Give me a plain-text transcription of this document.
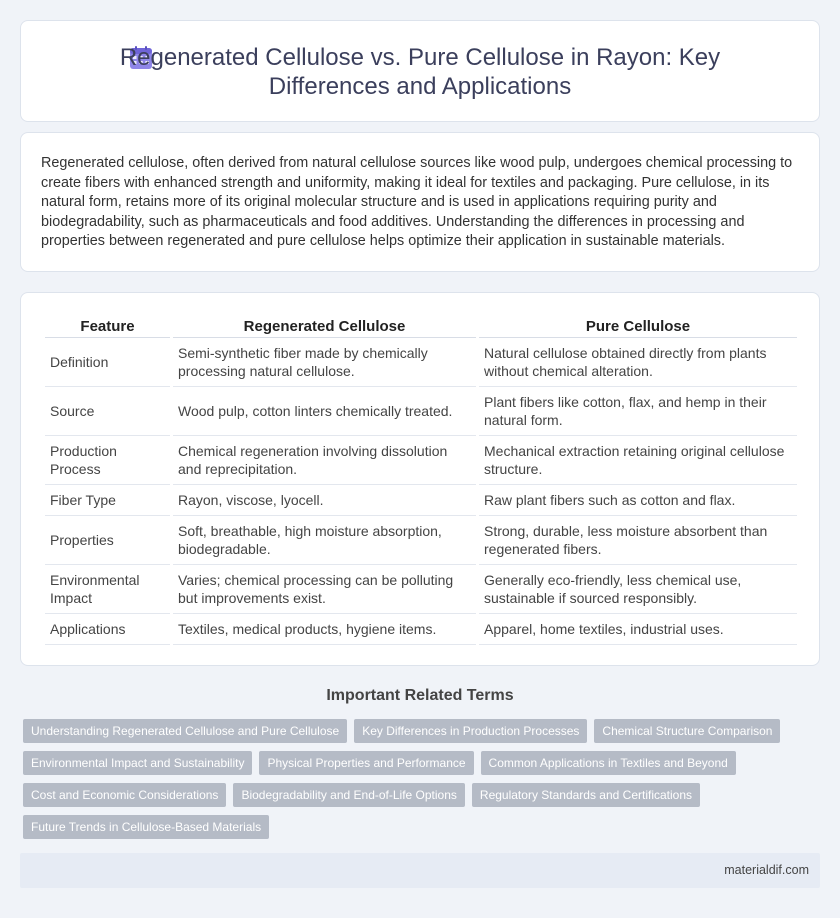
Regenerated Cellulose vs. Pure Cellulose in Rayon: Key Differences and Applications

Regenerated cellulose, often derived from natural cellulose sources like wood pulp, undergoes chemical processing to create fibers with enhanced strength and uniformity, making it ideal for textiles and packaging. Pure cellulose, in its natural form, retains more of its original molecular structure and is used in applications requiring purity and biodegradability, such as pharmaceuticals and food additives. Understanding the differences in processing and properties between regenerated and pure cellulose helps optimize their application in sustainable materials.

Feature	Regenerated Cellulose	Pure Cellulose
Definition	Semi-synthetic fiber made by chemically processing natural cellulose.	Natural cellulose obtained directly from plants without chemical alteration.
Source	Wood pulp, cotton linters chemically treated.	Plant fibers like cotton, flax, and hemp in their natural form.
Production Process	Chemical regeneration involving dissolution and reprecipitation.	Mechanical extraction retaining original cellulose structure.
Fiber Type	Rayon, viscose, lyocell.	Raw plant fibers such as cotton and flax.
Properties	Soft, breathable, high moisture absorption, biodegradable.	Strong, durable, less moisture absorbent than regenerated fibers.
Environmental Impact	Varies; chemical processing can be polluting but improvements exist.	Generally eco-friendly, less chemical use, sustainable if sourced responsibly.
Applications	Textiles, medical products, hygiene items.	Apparel, home textiles, industrial uses.
Important Related Terms
Understanding Regenerated Cellulose and Pure Cellulose	Key Differences in Production Processes	Chemical Structure Comparison
Environmental Impact and Sustainability	Physical Properties and Performance	Common Applications in Textiles and Beyond
Cost and Economic Considerations	Biodegradability and End-of-Life Options	Regulatory Standards and Certifications
Future Trends in Cellulose-Based Materials
materialdif.com
